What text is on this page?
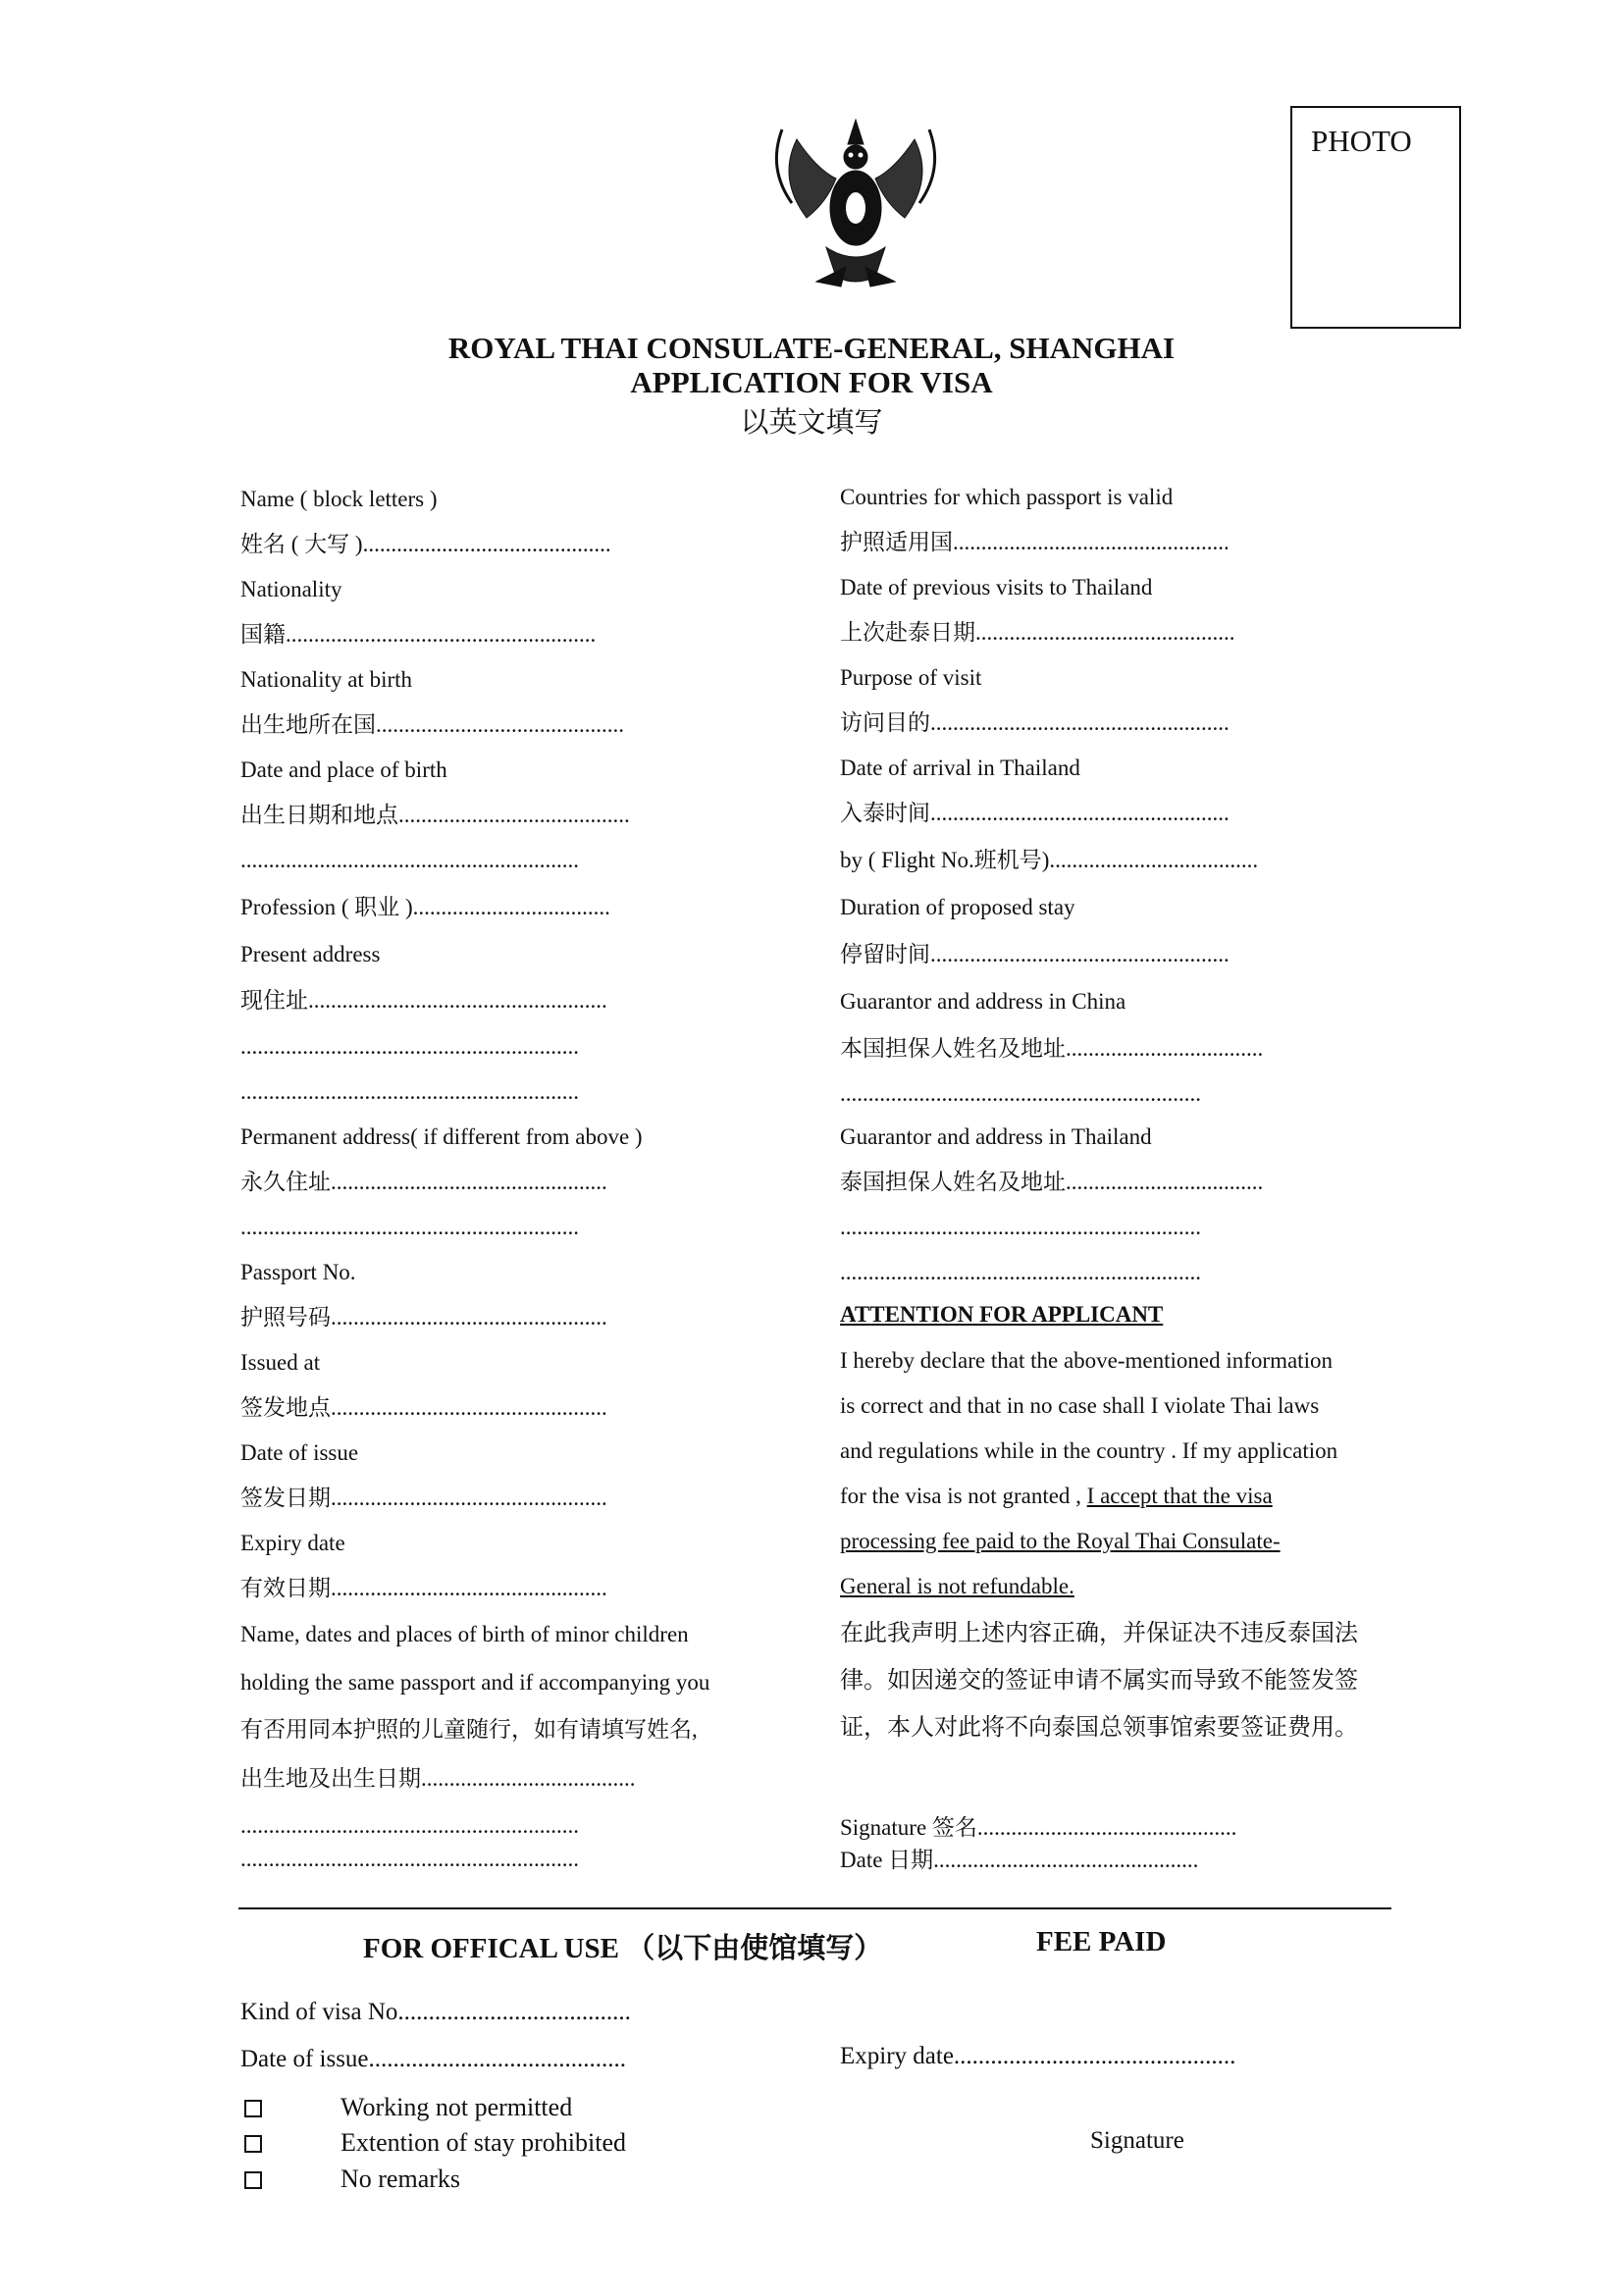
PHOTO
ROYAL THAI CONSULATE-GENERAL, SHANGHAI
APPLICATION FOR VISA
以英文填写
Name ( block letters )
姓名 ( 大写 )............................................
Nationality
国籍.......................................................
Nationality at birth
出生地所在国............................................
Date and place of birth
出生日期和地点.........................................
............................................................
Profession ( 职业 )...................................
Present address
现住址.....................................................
............................................................
............................................................
Permanent address( if different from above )
永久住址.................................................
............................................................
Passport No.
护照号码.................................................
Issued at
签发地点.................................................
Date of issue
签发日期.................................................
Expiry date
有效日期.................................................
Name, dates and places of birth of minor children
holding the same passport and if accompanying you
有否用同本护照的儿童随行，如有请填写姓名,
出生地及出生日期......................................
............................................................
............................................................
Countries for which passport is valid
护照适用国.................................................
Date of previous visits to Thailand
上次赴泰日期..............................................
Purpose of visit
访问目的.....................................................
Date of arrival in Thailand
入泰时间.....................................................
by ( Flight No.班机号).....................................
Duration of proposed stay
停留时间.....................................................
Guarantor and address in China
本国担保人姓名及地址...................................
................................................................
Guarantor and address in Thailand
泰国担保人姓名及地址...................................
................................................................
................................................................
ATTENTION FOR APPLICANT
I hereby declare that the above-mentioned information
is correct and that in no case shall I violate Thai laws
and regulations while in the country . If my application
for the visa is not granted , I accept that the visa
processing fee paid to the Royal Thai Consulate-
General is not refundable.
在此我声明上述内容正确，并保证决不违反泰国法
律。如因递交的签证申请不属实而导致不能签发签
证，本人对此将不向泰国总领事馆索要签证费用。
Signature 签名..............................................
Date 日期...............................................
FOR OFFICAL USE （以下由使馆填写）	FEE PAID
Kind of visa No......................................
Date of issue..........................................	Expiry date..............................................
Working not permitted
Extention of stay prohibited
No remarks
Signature
